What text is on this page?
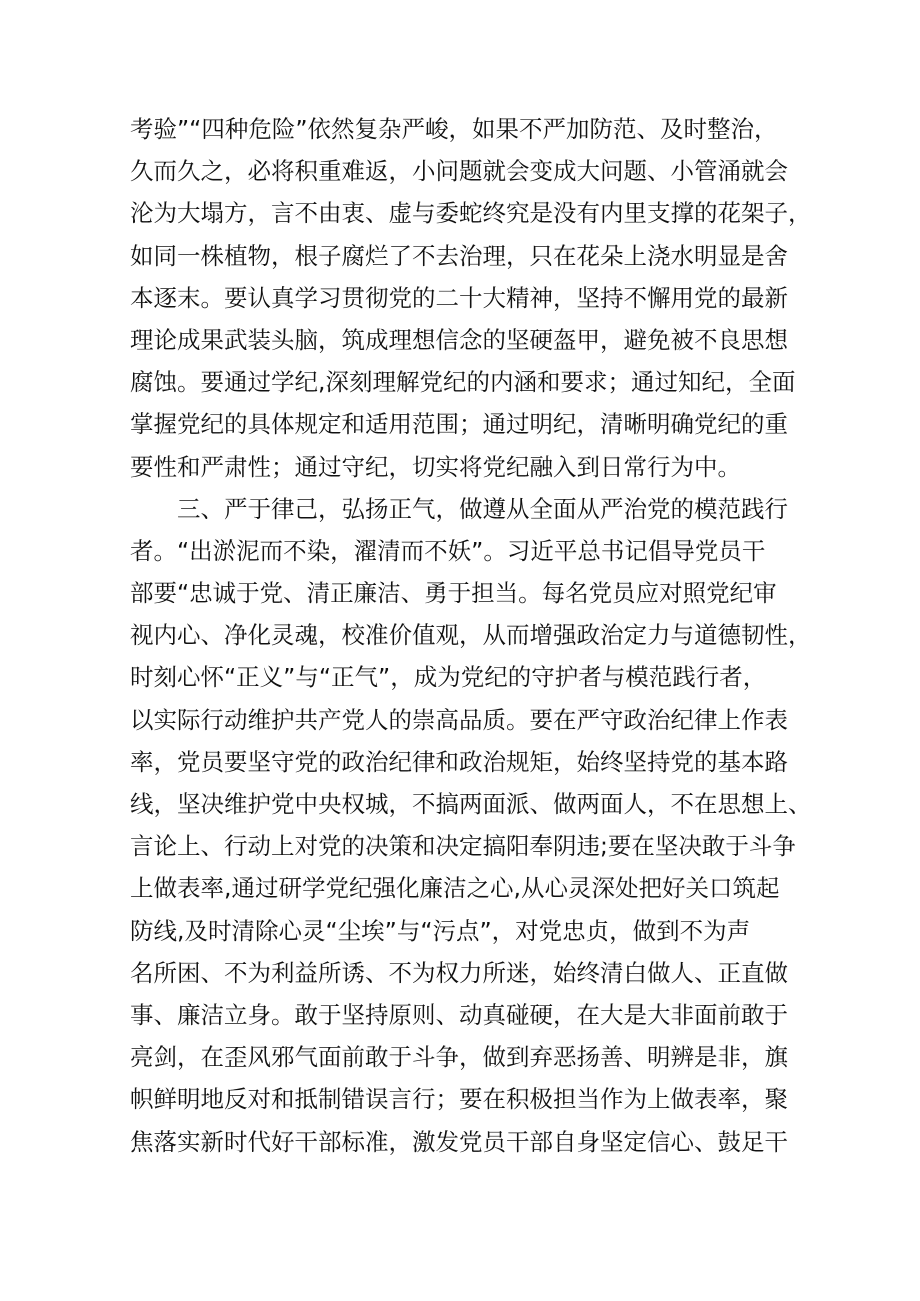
考验”“四种危险”依然复杂严峻，如果不严加防范、及时整治，
久而久之，必将积重难返，小问题就会变成大问题、小管涌就会
沦为大塌方，言不由衷、虚与委蛇终究是没有内里支撑的花架子，
如同一株植物，根子腐烂了不去治理，只在花朵上浇水明显是舍
本逐末。要认真学习贯彻党的二十大精神，坚持不懈用党的最新
理论成果武装头脑，筑成理想信念的坚硬盔甲，避免被不良思想
腐蚀。要通过学纪,深刻理解党纪的内涵和要求；通过知纪，全面
掌握党纪的具体规定和适用范围；通过明纪，清晰明确党纪的重
要性和严肃性；通过守纪，切实将党纪融入到日常行为中。
三、严于律己，弘扬正气，做遵从全面从严治党的模范践行
者。“出淤泥而不染，濯清而不妖”。习近平总书记倡导党员干
部要“忠诚于党、清正廉洁、勇于担当。每名党员应对照党纪审
视内心、净化灵魂，校准价值观，从而增强政治定力与道德韧性，
时刻心怀“正义”与“正气”，成为党纪的守护者与模范践行者，
以实际行动维护共产党人的崇高品质。要在严守政治纪律上作表
率，党员要坚守党的政治纪律和政治规矩，始终坚持党的基本路
线，坚决维护党中央权城，不搞两面派、做两面人，不在思想上、
言论上、行动上对党的决策和决定搞阳奉阴违;要在坚决敢于斗争
上做表率,通过研学党纪强化廉洁之心,从心灵深处把好关口筑起
防线,及时清除心灵“尘埃”与“污点”，对党忠贞，做到不为声
名所困、不为利益所诱、不为权力所迷，始终清白做人、正直做
事、廉洁立身。敢于坚持原则、动真碰硬，在大是大非面前敢于
亮剑，在歪风邪气面前敢于斗争，做到弃恶扬善、明辨是非，旗
帜鲜明地反对和抵制错误言行；要在积极担当作为上做表率，聚
焦落实新时代好干部标准，激发党员干部自身坚定信心、鼓足干
